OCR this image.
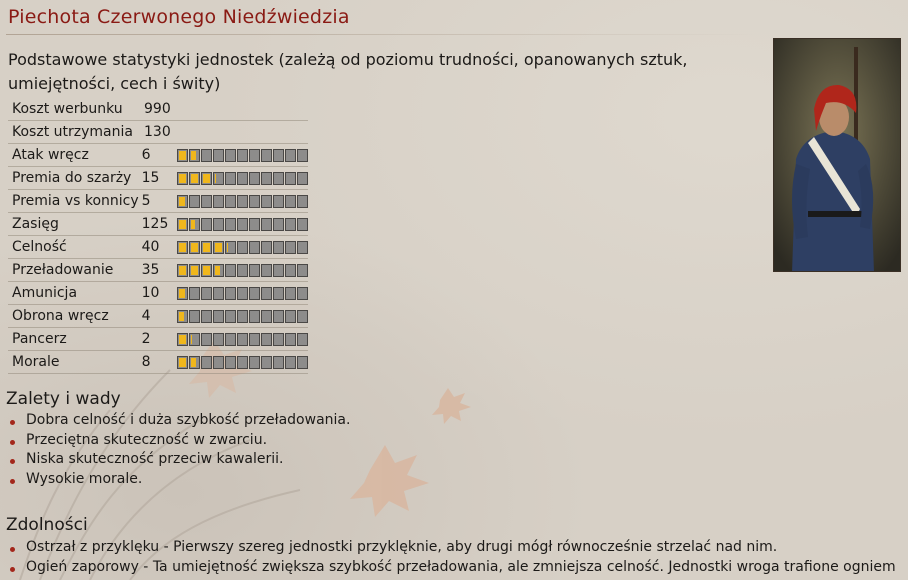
Piechota Czerwonego Niedźwiedzia
Podstawowe statystyki jednostek (zależą od poziomu trudności, opanowanych sztuk, umiejętności, cech i świty)
Koszt werbunku	990
Koszt utrzymania 130
Atak wręcz	6
Premia do szarży 15
Premia vs konnicy 5
Zasięg	125
Celność	40
Przeładowanie	35
Amunicja	10
Obrona wręcz	4
Pancerz	2
Morale	8
Zalety i wady
Dobra celność i duża szybkość przeładowania.
Przeciętna skuteczność w zwarciu.
Niska skuteczność przeciw kawalerii.
Wysokie morale.
Zdolności
Ostrzał z przyklęku - Pierwszy szereg jednostki przyklęknie, aby drugi mógł równocześnie strzelać nad nim.
Ogień zaporowy - Ta umiejętność zwiększa szybkość przeładowania, ale zmniejsza celność. Jednostki wroga trafione ogniem
